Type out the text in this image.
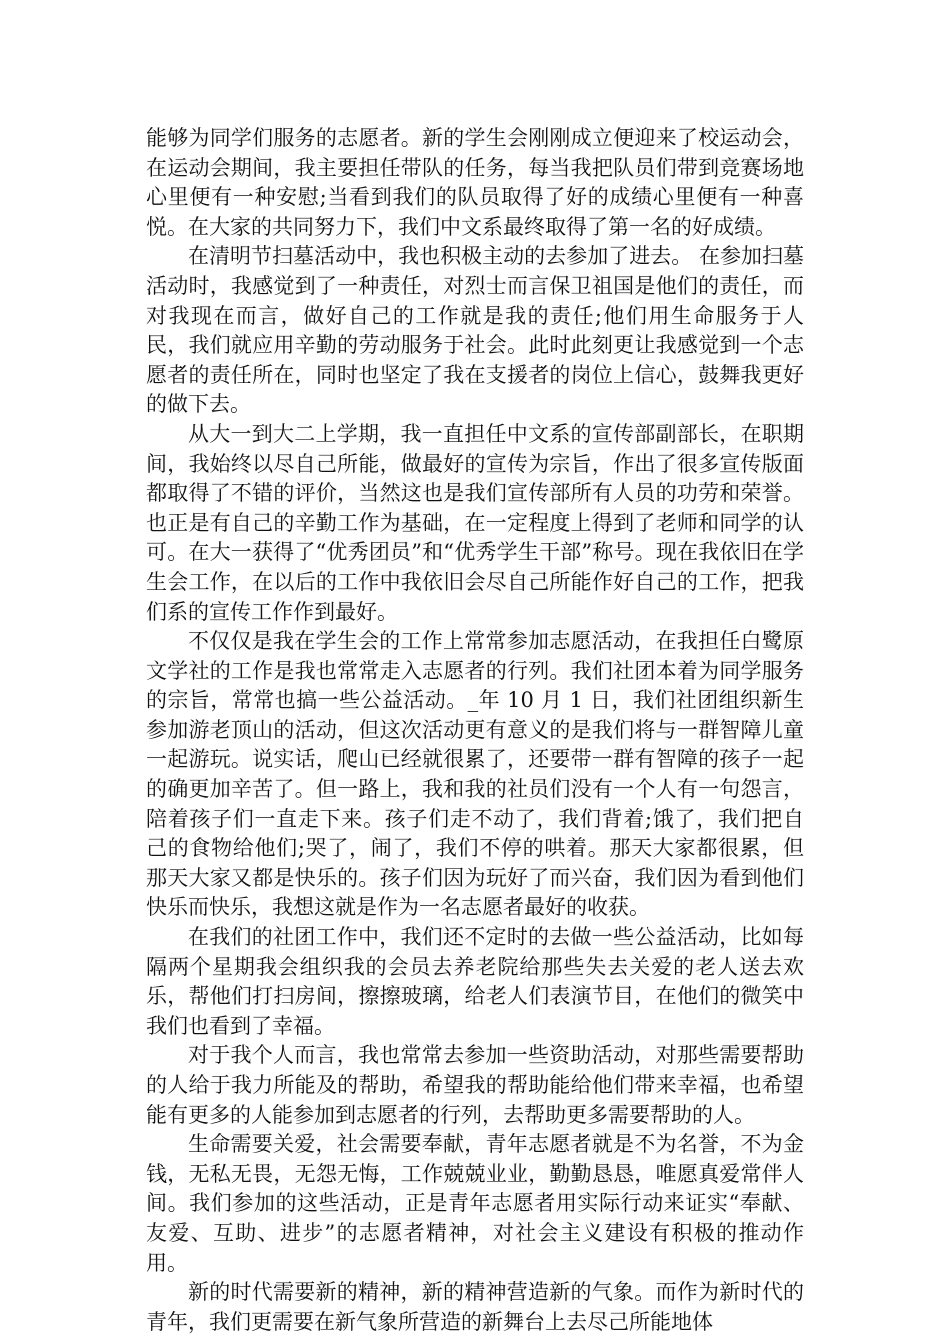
能够为同学们服务的志愿者。新的学生会刚刚成立便迎来了校运动会，在运动会期间，我主要担任带队的任务，每当我把队员们带到竞赛场地心里便有一种安慰;当看到我们的队员取得了好的成绩心里便有一种喜悦。在大家的共同努力下，我们中文系最终取得了第一名的好成绩。

在清明节扫墓活动中，我也积极主动的去参加了进去。 在参加扫墓活动时，我感觉到了一种责任，对烈士而言保卫祖国是他们的责任，而对我现在而言，做好自己的工作就是我的责任;他们用生命服务于人民，我们就应用辛勤的劳动服务于社会。此时此刻更让我感觉到一个志愿者的责任所在，同时也坚定了我在支援者的岗位上信心，鼓舞我更好的做下去。

从大一到大二上学期，我一直担任中文系的宣传部副部长，在职期间，我始终以尽自己所能，做最好的宣传为宗旨，作出了很多宣传版面都取得了不错的评价，当然这也是我们宣传部所有人员的功劳和荣誉。也正是有自己的辛勤工作为基础，在一定程度上得到了老师和同学的认可。在大一获得了“优秀团员”和“优秀学生干部”称号。现在我依旧在学生会工作，在以后的工作中我依旧会尽自己所能作好自己的工作，把我们系的宣传工作作到最好。

不仅仅是我在学生会的工作上常常参加志愿活动，在我担任白鹭原文学社的工作是我也常常走入志愿者的行列。我们社团本着为同学服务的宗旨，常常也搞一些公益活动。_年 10 月 1 日，我们社团组织新生参加游老顶山的活动，但这次活动更有意义的是我们将与一群智障儿童一起游玩。说实话，爬山已经就很累了，还要带一群有智障的孩子一起的确更加辛苦了。但一路上，我和我的社员们没有一个人有一句怨言，陪着孩子们一直走下来。孩子们走不动了，我们背着;饿了，我们把自己的食物给他们;哭了，闹了，我们不停的哄着。那天大家都很累，但那天大家又都是快乐的。孩子们因为玩好了而兴奋，我们因为看到他们快乐而快乐，我想这就是作为一名志愿者最好的收获。

在我们的社团工作中，我们还不定时的去做一些公益活动，比如每隔两个星期我会组织我的会员去养老院给那些失去关爱的老人送去欢乐，帮他们打扫房间，擦擦玻璃，给老人们表演节目，在他们的微笑中我们也看到了幸福。

对于我个人而言，我也常常去参加一些资助活动，对那些需要帮助的人给于我力所能及的帮助，希望我的帮助能给他们带来幸福，也希望能有更多的人能参加到志愿者的行列，去帮助更多需要帮助的人。

生命需要关爱，社会需要奉献，青年志愿者就是不为名誉，不为金钱，无私无畏，无怨无悔，工作兢兢业业，勤勤恳恳，唯愿真爱常伴人间。我们参加的这些活动，正是青年志愿者用实际行动来证实“奉献、友爱、互助、进步”的志愿者精神，对社会主义建设有积极的推动作用。

新的时代需要新的精神，新的精神营造新的气象。而作为新时代的青年，我们更需要在新气象所营造的新舞台上去尽己所能地体
